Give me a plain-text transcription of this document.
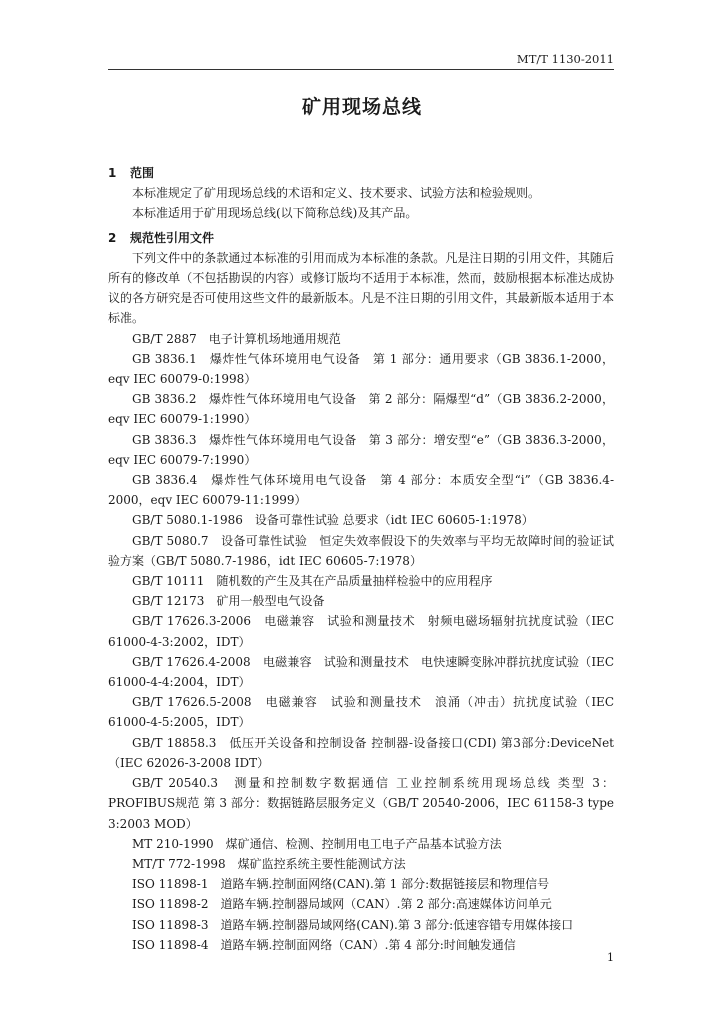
MT/T 1130-2011
矿用现场总线
1 范围

本标准规定了矿用现场总线的术语和定义、技术要求、试验方法和检验规则。

本标准适用于矿用现场总线(以下简称总线)及其产品。

2 规范性引用文件

下列文件中的条款通过本标准的引用而成为本标准的条款。凡是注日期的引用文件，其随后所有的修改单（不包括勘误的内容）或修订版均不适用于本标准，然而，鼓励根据本标准达成协议的各方研究是否可使用这些文件的最新版本。凡是不注日期的引用文件，其最新版本适用于本标准。

GB/T 2887　电子计算机场地通用规范

GB 3836.1　爆炸性气体环境用电气设备　第 1 部分：通用要求（GB 3836.1-2000，eqv IEC 60079-0:1998）

GB 3836.2　爆炸性气体环境用电气设备　第 2 部分：隔爆型“d”（GB 3836.2-2000，eqv IEC 60079-1:1990）

GB 3836.3　爆炸性气体环境用电气设备　第 3 部分：增安型“e”（GB 3836.3-2000，eqv IEC 60079-7:1990）

GB 3836.4　爆炸性气体环境用电气设备　第 4 部分：本质安全型“i”（GB 3836.4-2000，eqv IEC 60079-11:1999）

GB/T 5080.1-1986　设备可靠性试验 总要求（idt IEC 60605-1:1978）

GB/T 5080.7　设备可靠性试验　恒定失效率假设下的失效率与平均无故障时间的验证试验方案（GB/T 5080.7-1986，idt IEC 60605-7:1978）

GB/T 10111　随机数的产生及其在产品质量抽样检验中的应用程序

GB/T 12173　矿用一般型电气设备

GB/T 17626.3-2006　电磁兼容　试验和测量技术　射频电磁场辐射抗扰度试验（IEC 61000-4-3:2002，IDT）

GB/T 17626.4-2008　电磁兼容　试验和测量技术　电快速瞬变脉冲群抗扰度试验（IEC 61000-4-4:2004，IDT）

GB/T 17626.5-2008　电磁兼容　试验和测量技术　浪涌（冲击）抗扰度试验（IEC 61000-4-5:2005，IDT）

GB/T 18858.3　低压开关设备和控制设备 控制器-设备接口(CDI) 第3部分:DeviceNet（IEC 62026-3-2008 IDT）

GB/T 20540.3　测量和控制数字数据通信 工业控制系统用现场总线 类型 3：PROFIBUS规范 第 3 部分：数据链路层服务定义（GB/T 20540-2006，IEC 61158-3 type 3:2003 MOD）

MT 210-1990　煤矿通信、检测、控制用电工电子产品基本试验方法

MT/T 772-1998　煤矿监控系统主要性能测试方法

ISO 11898-1　道路车辆.控制面网络(CAN).第 1 部分:数据链接层和物理信号

ISO 11898-2　道路车辆.控制器局域网（CAN）.第 2 部分:高速媒体访问单元

ISO 11898-3　道路车辆.控制器局域网络(CAN).第 3 部分:低速容错专用媒体接口

ISO 11898-4　道路车辆.控制面网络（CAN）.第 4 部分:时间触发通信

1
